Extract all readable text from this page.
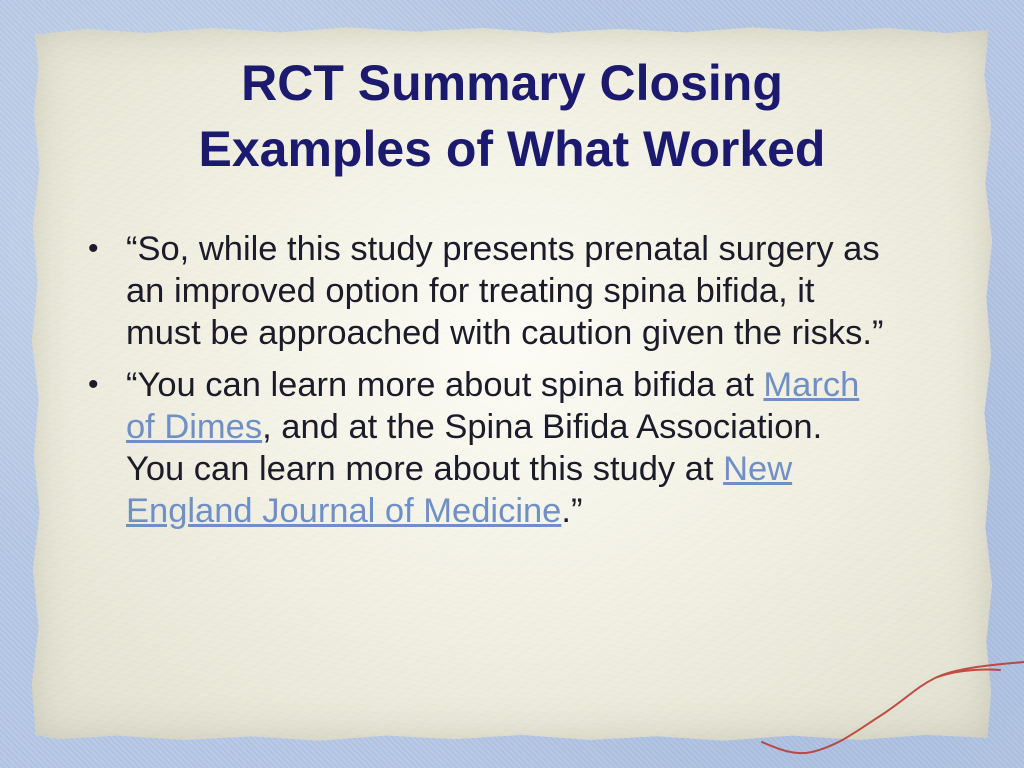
RCT Summary Closing
Examples of What Worked
• “So, while this study presents prenatal surgery as an improved option for treating spina bifida, it must be approached with caution given the risks.”
• “You can learn more about spina bifida at March of Dimes, and at the Spina Bifida Association. You can learn more about this study at New England Journal of Medicine.”
